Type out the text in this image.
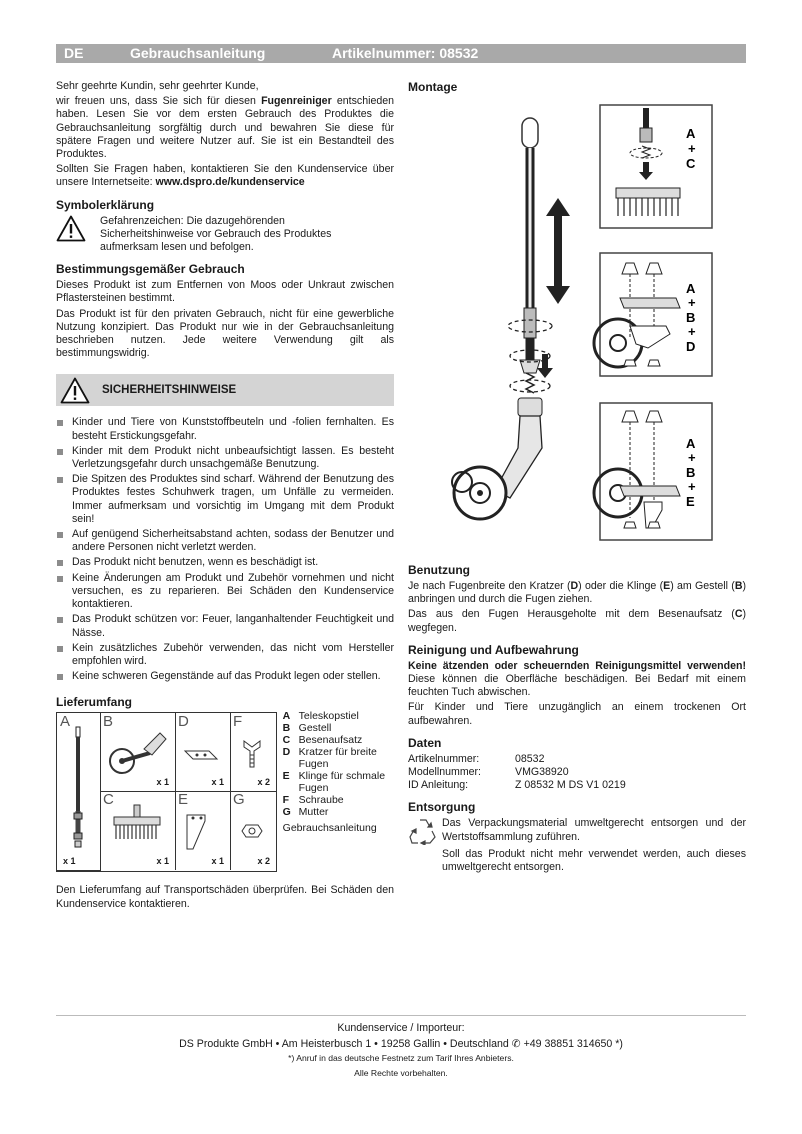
DE	Gebrauchsanleitung	Artikelnummer: 08532

Sehr geehrte Kundin, sehr geehrter Kunde,

wir freuen uns, dass Sie sich für diesen Fugenreiniger entschieden haben. Lesen Sie vor dem ersten Gebrauch des Produktes die Gebrauchsanleitung sorgfältig durch und bewahren Sie diese für spätere Fragen und weitere Nutzer auf. Sie ist ein Bestandteil des Produktes.

Sollten Sie Fragen haben, kontaktieren Sie den Kundenservice über unsere Internetseite: www.dspro.de/kundenservice

Symbolerklärung
Gefahrenzeichen: Die dazugehörenden Sicherheitshinweise vor Gebrauch des Produktes aufmerksam lesen und befolgen.
Bestimmungsgemäßer Gebrauch

Dieses Produkt ist zum Entfernen von Moos oder Unkraut zwischen Pflastersteinen bestimmt.

Das Produkt ist für den privaten Gebrauch, nicht für eine gewerbliche Nutzung konzipiert. Das Produkt nur wie in der Gebrauchsanleitung beschrieben nutzen. Jede weitere Verwendung gilt als bestimmungswidrig.

SICHERHEITSHINWEISE
Kinder und Tiere von Kunststoffbeuteln und -folien fernhalten. Es besteht Erstickungsgefahr.
Kinder mit dem Produkt nicht unbeaufsichtigt lassen. Es besteht Verletzungsgefahr durch unsachgemäße Benutzung.
Die Spitzen des Produktes sind scharf. Während der Benutzung des Produktes festes Schuhwerk tragen, um Unfälle zu vermeiden. Immer aufmerksam und vorsichtig im Umgang mit dem Produkt sein!
Auf genügend Sicherheitsabstand achten, sodass der Benutzer und andere Personen nicht verletzt werden.
Das Produkt nicht benutzen, wenn es beschädigt ist.
Keine Änderungen am Produkt und Zubehör vornehmen und nicht versuchen, es zu reparieren. Bei Schäden den Kundenservice kontaktieren.
Das Produkt schützen vor: Feuer, langanhaltender Feuchtigkeit und Nässe.
Kein zusätzliches Zubehör verwenden, das nicht vom Hersteller empfohlen wird.
Keine schweren Gegenstände auf das Produkt legen oder stellen.
Lieferumfang
A
x 1
B
x 1
D
x 1
F
x 2
C
x 1
E
x 1
G
x 2
A Teleskopstiel
B Gestell
C Besenaufsatz
D Kratzer für breite Fugen
E Klinge für schmale Fugen
F Schraube
G Mutter
Gebrauchsanleitung

Den Lieferumfang auf Transportschäden überprüfen. Bei Schäden den Kundenservice kontaktieren.

Montage
A
+
C
A
+
B
+
D
A
+
B
+
E
Benutzung

Je nach Fugenbreite den Kratzer (D) oder die Klinge (E) am Gestell (B) anbringen und durch die Fugen ziehen.

Das aus den Fugen Herausgeholte mit dem Besenaufsatz (C) wegfegen.

Reinigung und Aufbewahrung

Keine ätzenden oder scheuernden Reinigungsmittel verwenden! Diese können die Oberfläche beschädigen. Bei Bedarf mit einem feuchten Tuch abwischen.

Für Kinder und Tiere unzugänglich an einem trockenen Ort aufbewahren.

Daten
Artikelnummer:	08532
Modellnummer:	VMG38920
ID Anleitung:	Z 08532 M DS V1 0219
Entsorgung

Das Verpackungsmaterial umweltgerecht entsorgen und der Wertstoffsammlung zuführen.

Soll das Produkt nicht mehr verwendet werden, auch dieses umweltgerecht entsorgen.

Kundenservice / Importeur:
DS Produkte GmbH • Am Heisterbusch 1 • 19258 Gallin • Deutschland ✆ +49 38851 314650 *)
*) Anruf in das deutsche Festnetz zum Tarif Ihres Anbieters.
Alle Rechte vorbehalten.
